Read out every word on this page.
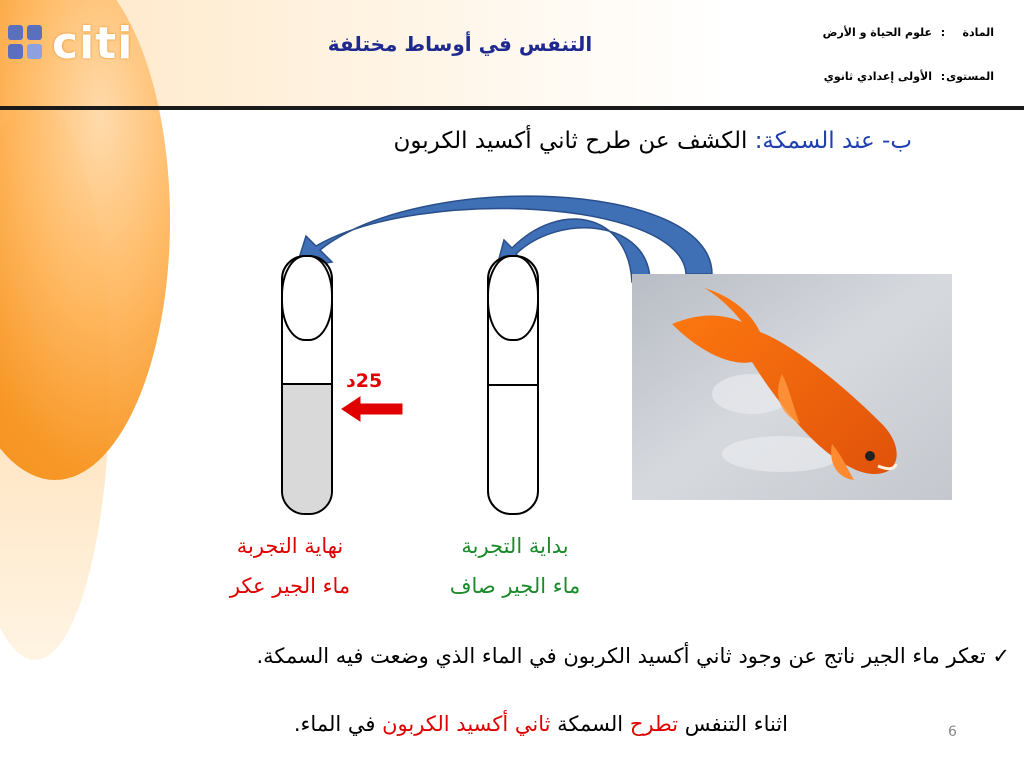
citi	التنفس في أوساط مختلفة	المادة:علوم الحياة و الأرض
المستوى:الأولى إعدادي ثانوي
ب- عند السمكة: الكشف عن طرح ثاني أكسيد الكربون
25د
نهاية التجربة
ماء الجير عكر
بداية التجربة
ماء الجير صاف
✓ تعكر ماء الجير ناتج عن وجود ثاني أكسيد الكربون في الماء الذي وضعت فيه السمكة.
اثناء التنفس تطرح السمكة ثاني أكسيد الكربون في الماء.	6
